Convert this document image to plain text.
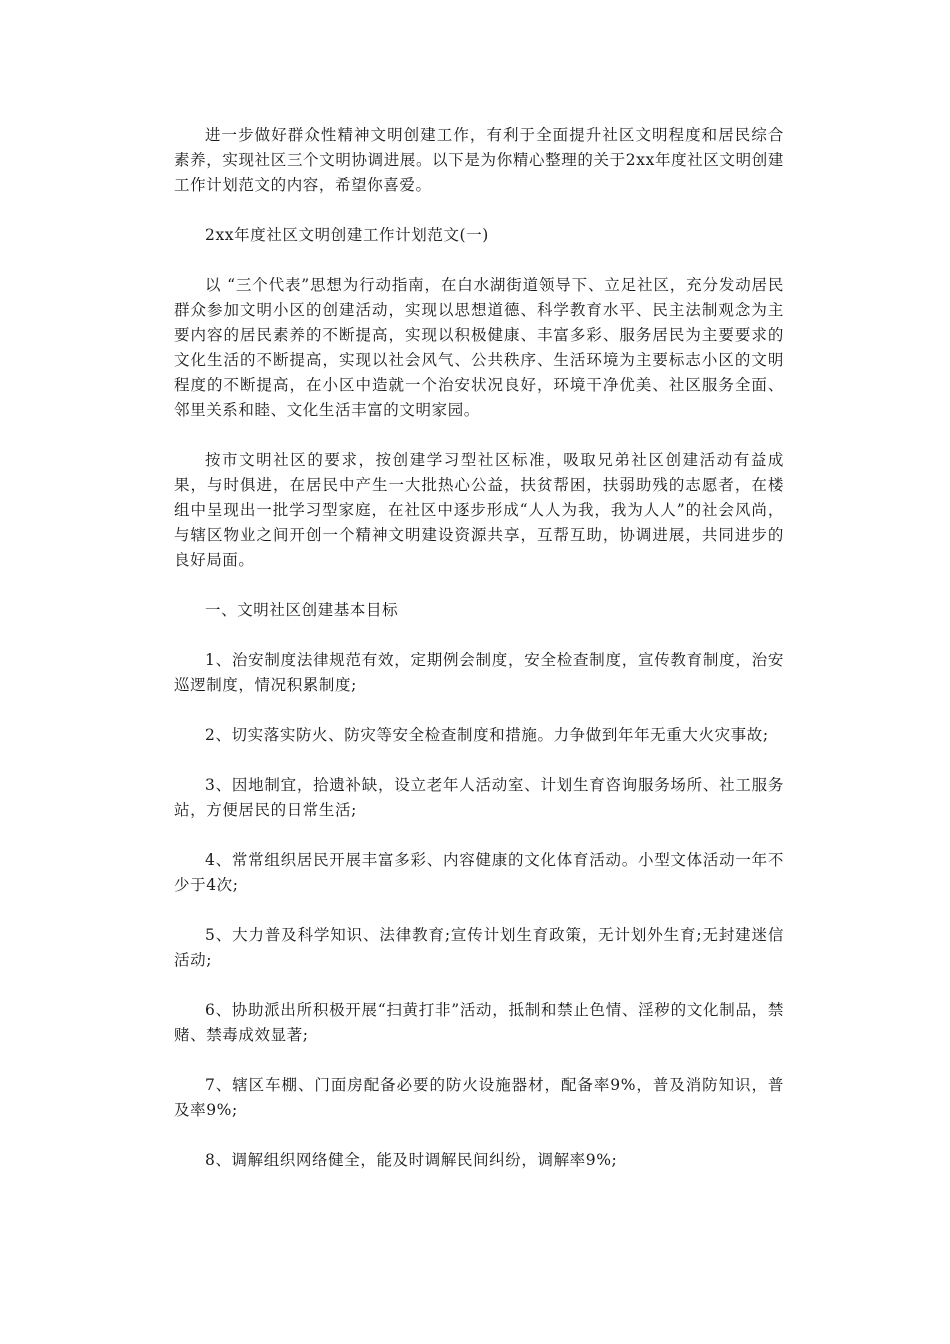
进一步做好群众性精神文明创建工作，有利于全面提升社区文明程度和居民综合素养，实现社区三个文明协调进展。以下是为你精心整理的关于2xx年度社区文明创建工作计划范文的内容，希望你喜爱。

2xx年度社区文明创建工作计划范文(一)

以 “三个代表”思想为行动指南，在白水湖街道领导下、立足社区，充分发动居民群众参加文明小区的创建活动，实现以思想道德、科学教育水平、民主法制观念为主要内容的居民素养的不断提高，实现以积极健康、丰富多彩、服务居民为主要要求的文化生活的不断提高，实现以社会风气、公共秩序、生活环境为主要标志小区的文明程度的不断提高，在小区中造就一个治安状况良好，环境干净优美、社区服务全面、邻里关系和睦、文化生活丰富的文明家园。

按市文明社区的要求，按创建学习型社区标准，吸取兄弟社区创建活动有益成果，与时俱进，在居民中产生一大批热心公益，扶贫帮困，扶弱助残的志愿者，在楼组中呈现出一批学习型家庭，在社区中逐步形成“人人为我，我为人人”的社会风尚，与辖区物业之间开创一个精神文明建设资源共享，互帮互助，协调进展，共同进步的良好局面。

一、文明社区创建基本目标

1、治安制度法律规范有效，定期例会制度，安全检查制度，宣传教育制度，治安巡逻制度，情况积累制度;

2、切实落实防火、防灾等安全检查制度和措施。力争做到年年无重大火灾事故;

3、因地制宜，拾遗补缺，设立老年人活动室、计划生育咨询服务场所、社工服务站，方便居民的日常生活;

4、常常组织居民开展丰富多彩、内容健康的文化体育活动。小型文体活动一年不少于4次;

5、大力普及科学知识、法律教育;宣传计划生育政策，无计划外生育;无封建迷信活动;

6、协助派出所积极开展“扫黄打非”活动，抵制和禁止色情、淫秽的文化制品，禁赌、禁毒成效显著;

7、辖区车棚、门面房配备必要的防火设施器材，配备率9%，普及消防知识，普及率9%;

8、调解组织网络健全，能及时调解民间纠纷，调解率9%;
